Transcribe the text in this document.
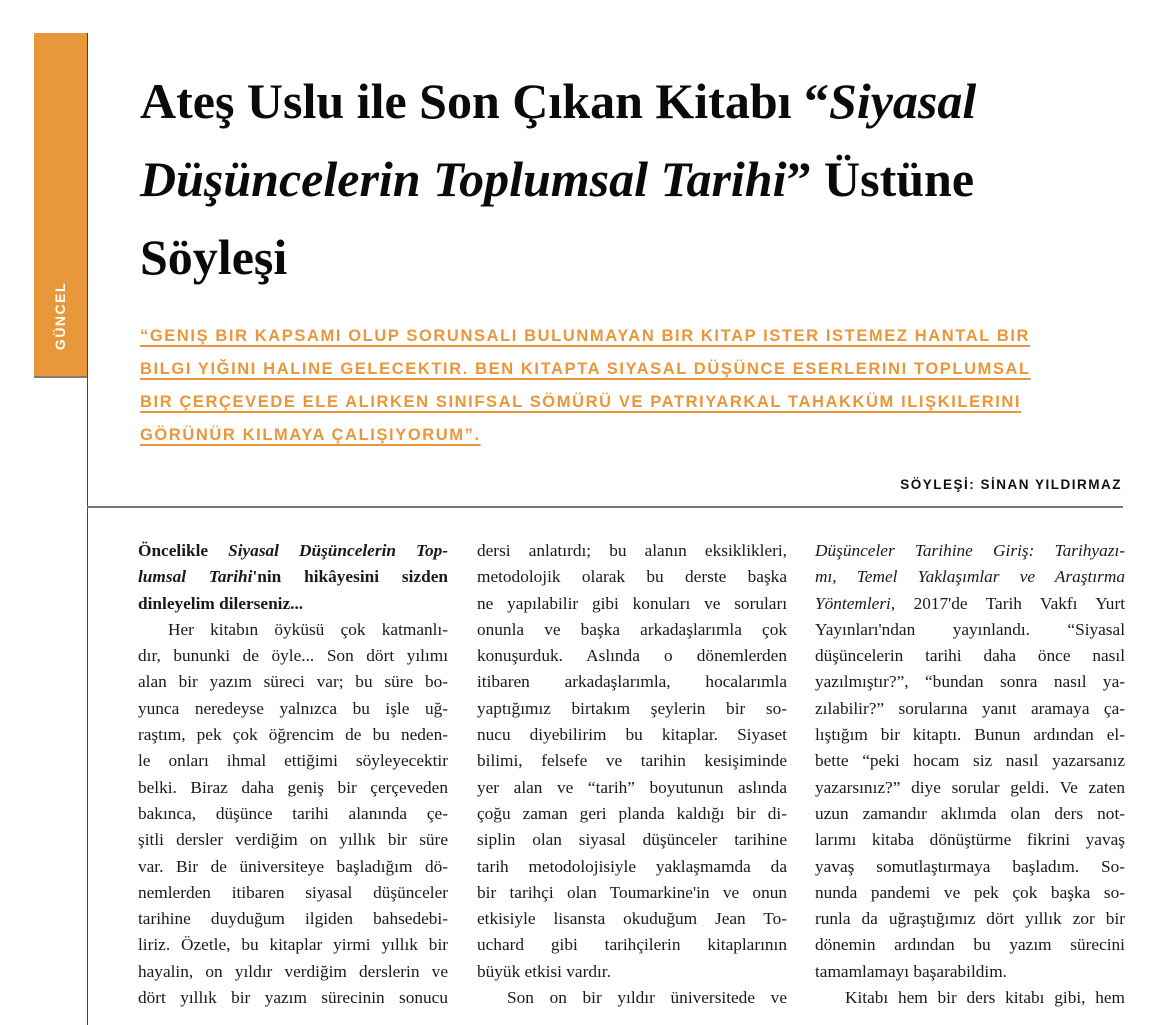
GÜNCEL
Ateş Uslu ile Son Çıkan Kitabı “Siyasal
Düşüncelerin Toplumsal Tarihi” Üstüne
Söyleşi
“GENIŞ BIR KAPSAMI OLUP SORUNSALI BULUNMAYAN BIR KITAP ISTER ISTEMEZ HANTAL BIR
BILGI YIĞINI HALINE GELECEKTIR. BEN KITAPTA SIYASAL DÜŞÜNCE ESERLERINI TOPLUMSAL
BIR ÇERÇEVEDE ELE ALIRKEN SINIFSAL SÖMÜRÜ VE PATRIYARKAL TAHAKKÜM ILIŞKILERINI
GÖRÜNÜR KILMAYA ÇALIŞIYORUM”.
SÖYLEŞİ: SİNAN YILDIRMAZ
Öncelikle Siyasal Düşüncelerin Top-
lumsal Tarihi'nin hikâyesini sizden
dinleyelim dilerseniz...
Her kitabın öyküsü çok katmanlı-
dır, bununki de öyle... Son dört yılımı
alan bir yazım süreci var; bu süre bo-
yunca neredeyse yalnızca bu işle uğ-
raştım, pek çok öğrencim de bu neden-
le onları ihmal ettiğimi söyleyecektir
belki. Biraz daha geniş bir çerçeveden
bakınca, düşünce tarihi alanında çe-
şitli dersler verdiğim on yıllık bir süre
var. Bir de üniversiteye başladığım dö-
nemlerden itibaren siyasal düşünceler
tarihine duyduğum ilgiden bahsedebi-
liriz. Özetle, bu kitaplar yirmi yıllık bir
hayalin, on yıldır verdiğim derslerin ve
dört yıllık bir yazım sürecinin sonucu
dersi anlatırdı; bu alanın eksiklikleri,
metodolojik olarak bu derste başka
ne yapılabilir gibi konuları ve soruları
onunla ve başka arkadaşlarımla çok
konuşurduk. Aslında o dönemlerden
itibaren arkadaşlarımla, hocalarımla
yaptığımız birtakım şeylerin bir so-
nucu diyebilirim bu kitaplar. Siyaset
bilimi, felsefe ve tarihin kesişiminde
yer alan ve “tarih” boyutunun aslında
çoğu zaman geri planda kaldığı bir di-
siplin olan siyasal düşünceler tarihine
tarih metodolojisiyle yaklaşmamda da
bir tarihçi olan Toumarkine'in ve onun
etkisiyle lisansta okuduğum Jean To-
uchard gibi tarihçilerin kitaplarının
büyük etkisi vardır.
Son on bir yıldır üniversitede ve
Düşünceler Tarihine Giriş: Tarihyazı-
mı, Temel Yaklaşımlar ve Araştırma
Yöntemleri, 2017'de Tarih Vakfı Yurt
Yayınları'ndan yayınlandı. “Siyasal
düşüncelerin tarihi daha önce nasıl
yazılmıştır?”, “bundan sonra nasıl ya-
zılabilir?” sorularına yanıt aramaya ça-
lıştığım bir kitaptı. Bunun ardından el-
bette “peki hocam siz nasıl yazarsanız
yazarsınız?” diye sorular geldi. Ve zaten
uzun zamandır aklımda olan ders not-
larımı kitaba dönüştürme fikrini yavaş
yavaş somutlaştırmaya başladım. So-
nunda pandemi ve pek çok başka so-
runla da uğraştığımız dört yıllık zor bir
dönemin ardından bu yazım sürecini
tamamlamayı başarabildim.
Kitabı hem bir ders kitabı gibi, hem
